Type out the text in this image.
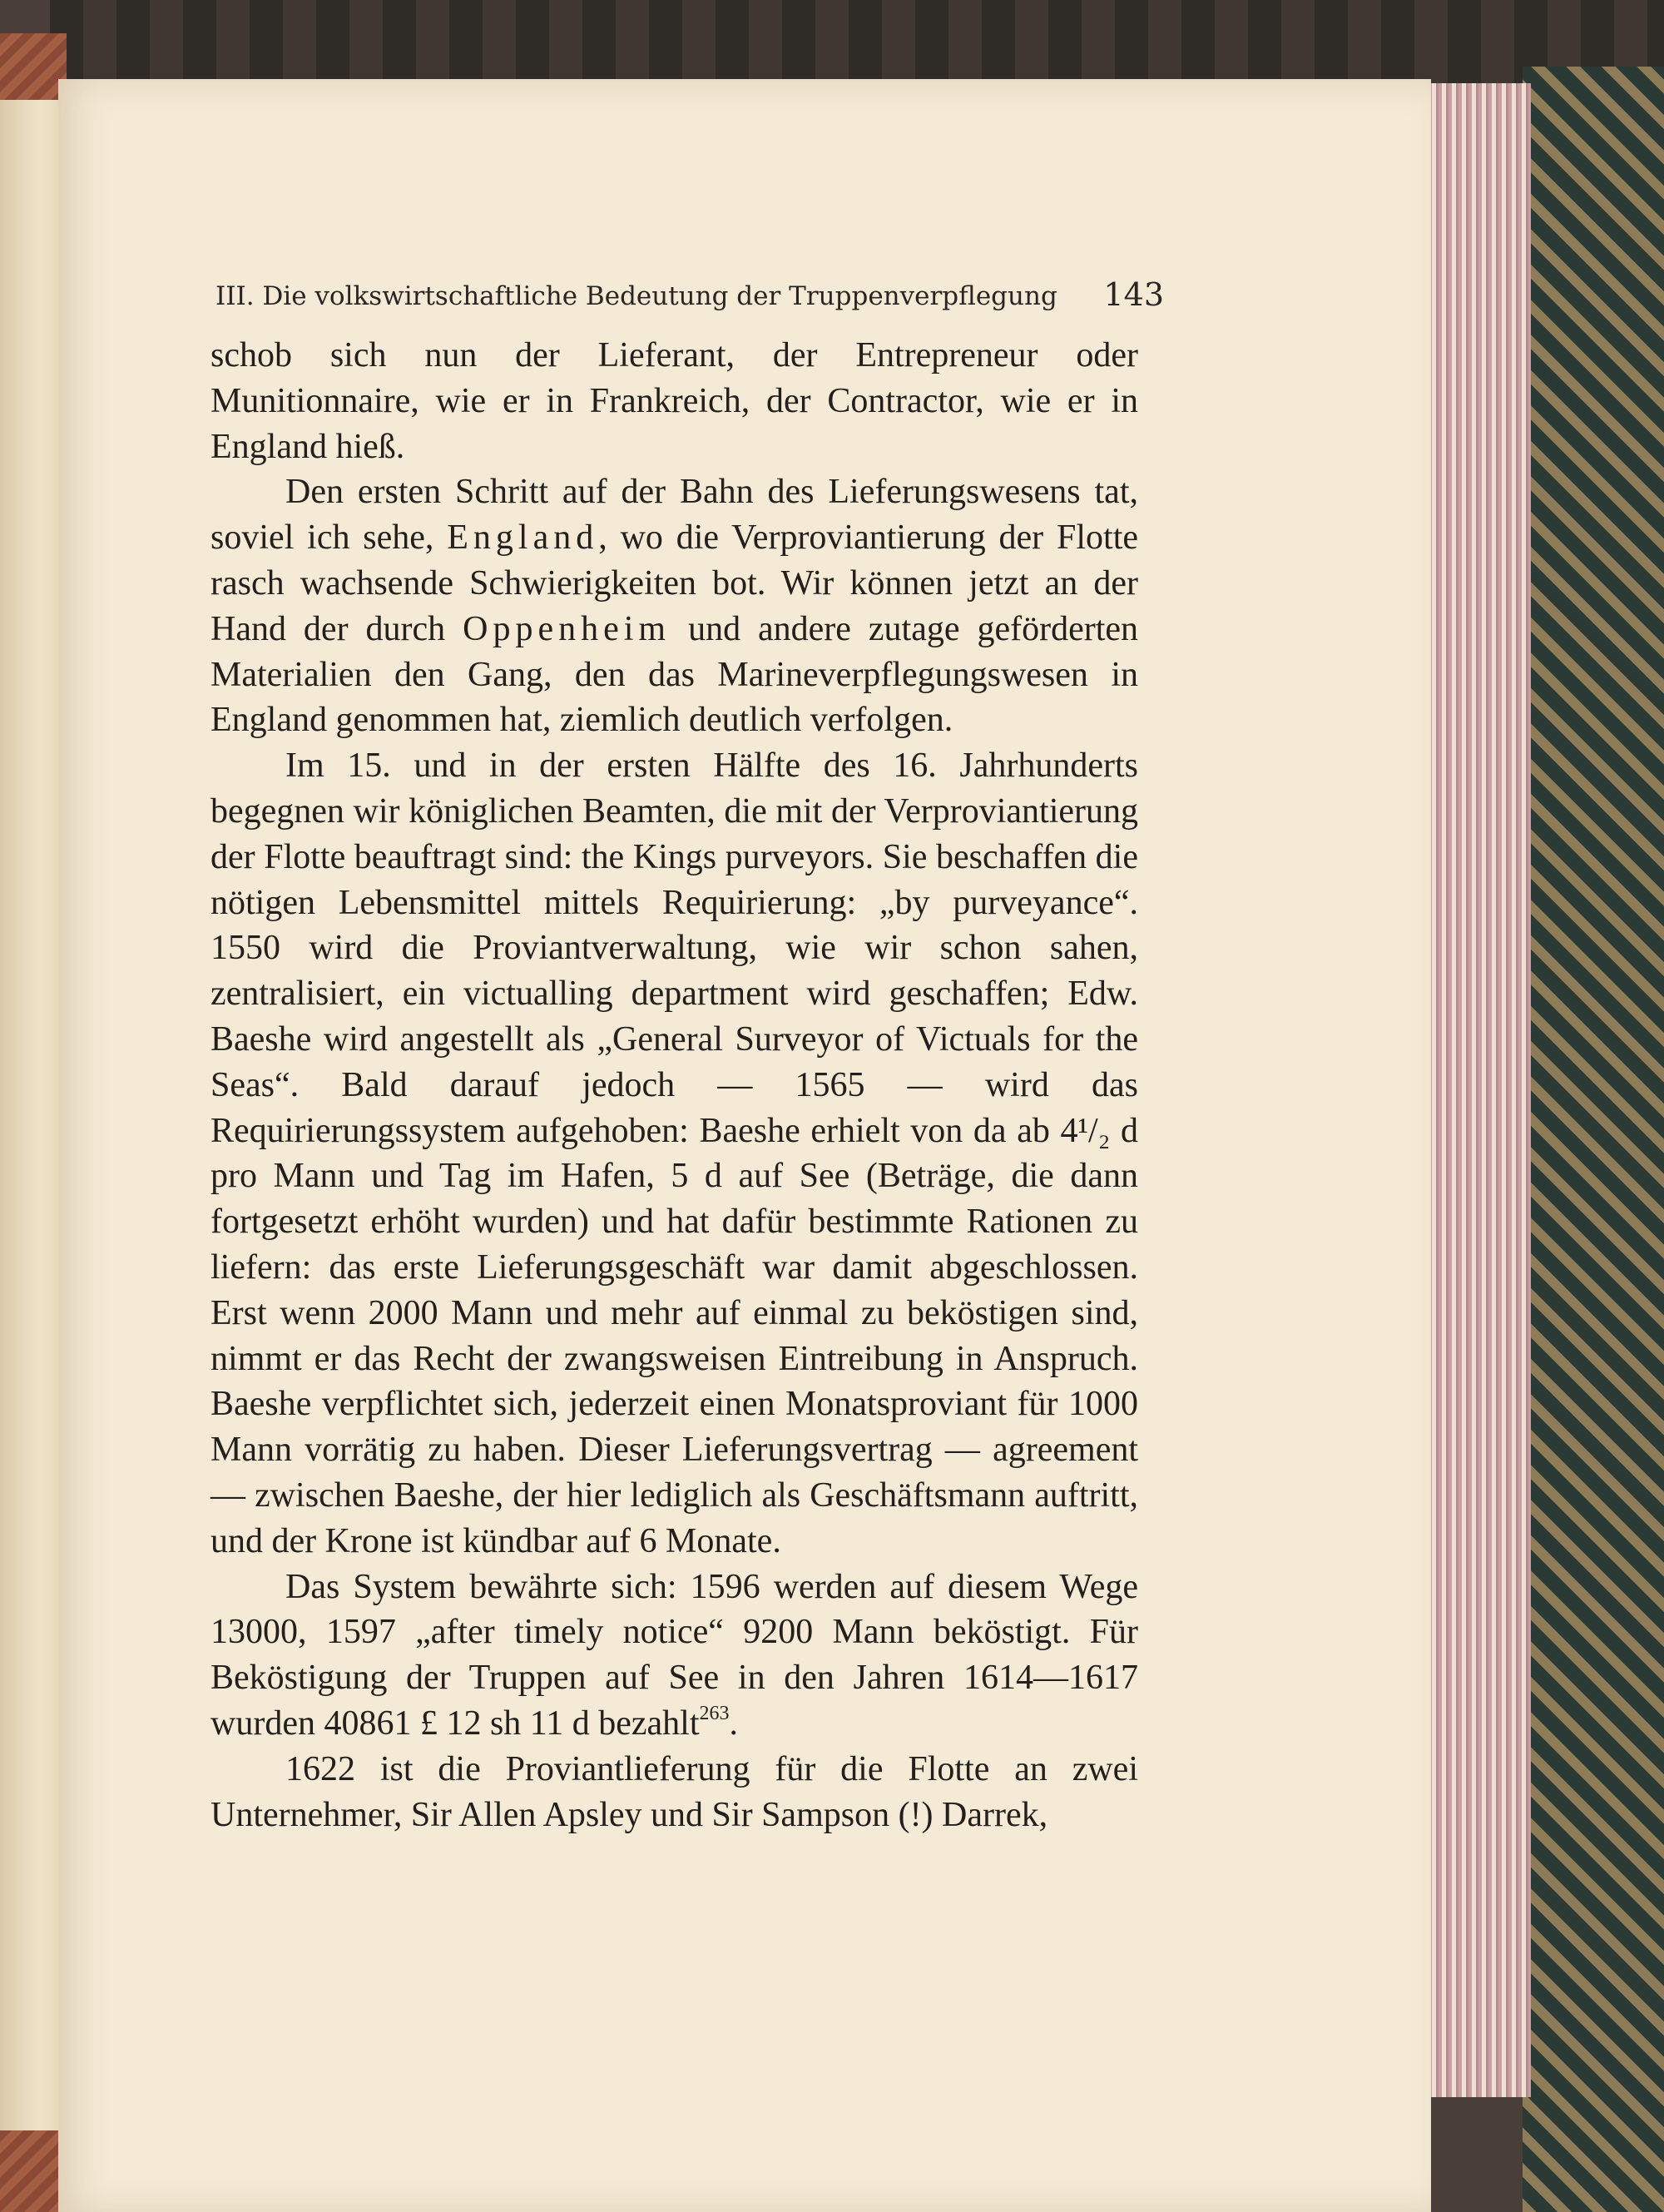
III. Die volkswirtschaftliche Bedeutung der Truppenverpflegung 143

schob sich nun der Lieferant, der Entrepreneur oder Munitionnaire, wie er in Frankreich, der Contractor, wie er in England hieß.

Den ersten Schritt auf der Bahn des Lieferungswesens tat, soviel ich sehe, England, wo die Verproviantierung der Flotte rasch wachsende Schwierigkeiten bot. Wir können jetzt an der Hand der durch Oppenheim und andere zutage geförderten Materialien den Gang, den das Marineverpflegungswesen in England genommen hat, ziemlich deutlich verfolgen.

Im 15. und in der ersten Hälfte des 16. Jahrhunderts begegnen wir königlichen Beamten, die mit der Verproviantierung der Flotte beauftragt sind: the Kings purveyors. Sie beschaffen die nötigen Lebensmittel mittels Requirierung: „by purveyance“. 1550 wird die Proviantverwaltung, wie wir schon sahen, zentralisiert, ein victualling department wird geschaffen; Edw. Baeshe wird angestellt als „General Surveyor of Victuals for the Seas“. Bald darauf jedoch — 1565 — wird das Requirierungssystem aufgehoben: Baeshe erhielt von da ab 4¹/₂ d pro Mann und Tag im Hafen, 5 d auf See (Beträge, die dann fortgesetzt erhöht wurden) und hat dafür bestimmte Rationen zu liefern: das erste Lieferungsgeschäft war damit abgeschlossen. Erst wenn 2000 Mann und mehr auf einmal zu beköstigen sind, nimmt er das Recht der zwangsweisen Eintreibung in Anspruch. Baeshe verpflichtet sich, jederzeit einen Monatsproviant für 1000 Mann vorrätig zu haben. Dieser Lieferungsvertrag — agreement — zwischen Baeshe, der hier lediglich als Geschäftsmann auftritt, und der Krone ist kündbar auf 6 Monate.

Das System bewährte sich: 1596 werden auf diesem Wege 13000, 1597 „after timely notice“ 9200 Mann beköstigt. Für Beköstigung der Truppen auf See in den Jahren 1614—1617 wurden 40861 £ 12 sh 11 d bezahlt$^{263}$.

1622 ist die Proviantlieferung für die Flotte an zwei Unternehmer, Sir Allen Apsley und Sir Sampson (!) Darrek,
